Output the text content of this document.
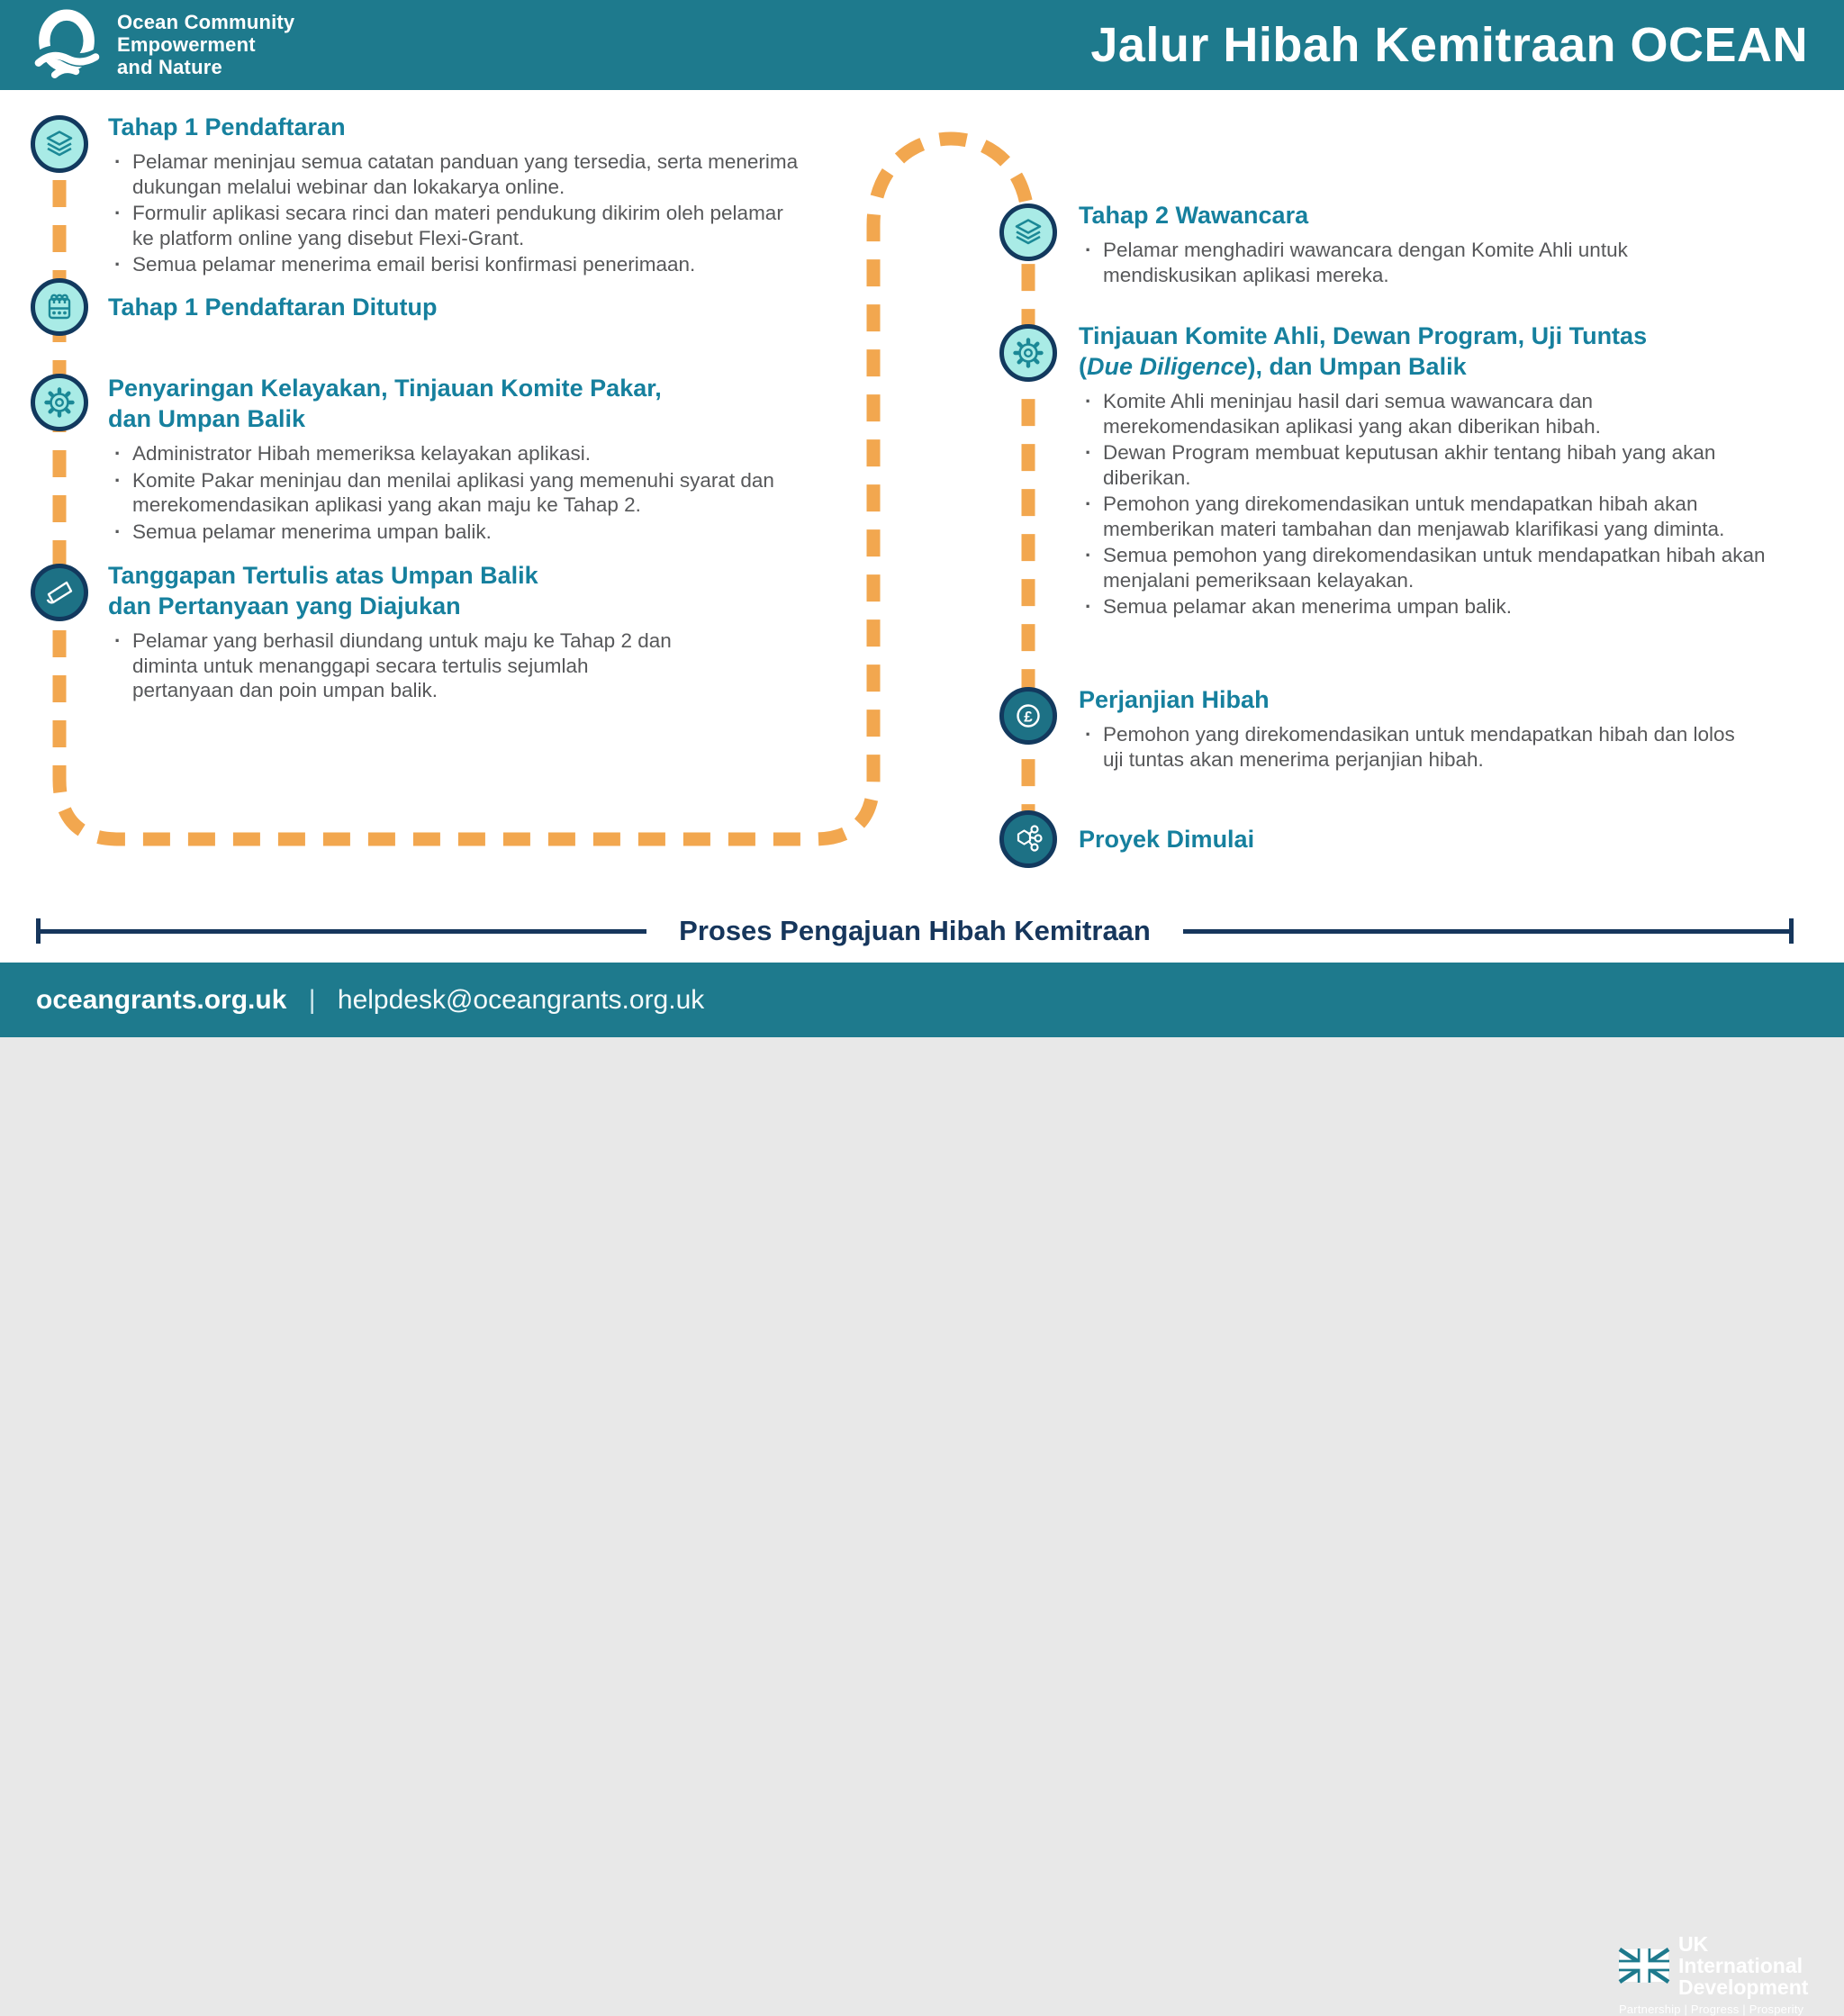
Ocean Community
Empowerment
and Nature	Jalur Hibah Kemitraan OCEAN
Tahap 1 Pendaftaran
· Pelamar meninjau semua catatan panduan yang tersedia, serta menerima dukungan melalui webinar dan lokakarya online.
· Formulir aplikasi secara rinci dan materi pendukung dikirim oleh pelamar ke platform online yang disebut Flexi-Grant.
· Semua pelamar menerima email berisi konfirmasi penerimaan.
Tahap 1 Pendaftaran Ditutup
Penyaringan Kelayakan, Tinjauan Komite Pakar,
dan Umpan Balik
· Administrator Hibah memeriksa kelayakan aplikasi.
· Komite Pakar meninjau dan menilai aplikasi yang memenuhi syarat dan merekomendasikan aplikasi yang akan maju ke Tahap 2.
· Semua pelamar menerima umpan balik.
Tanggapan Tertulis atas Umpan Balik
dan Pertanyaan yang Diajukan
· Pelamar yang berhasil diundang untuk maju ke Tahap 2 dan diminta untuk menanggapi secara tertulis sejumlah pertanyaan dan poin umpan balik.
Tahap 2 Wawancara
· Pelamar menghadiri wawancara dengan Komite Ahli untuk mendiskusikan aplikasi mereka.
Tinjauan Komite Ahli, Dewan Program, Uji Tuntas
(Due Diligence), dan Umpan Balik
· Komite Ahli meninjau hasil dari semua wawancara dan merekomendasikan aplikasi yang akan diberikan hibah.
· Dewan Program membuat keputusan akhir tentang hibah yang akan diberikan.
· Pemohon yang direkomendasikan untuk mendapatkan hibah akan memberikan materi tambahan dan menjawab klarifikasi yang diminta.
· Semua pemohon yang direkomendasikan untuk mendapatkan hibah akan menjalani pemeriksaan kelayakan.
· Semua pelamar akan menerima umpan balik.
£
Perjanjian Hibah
· Pemohon yang direkomendasikan untuk mendapatkan hibah dan lolos uji tuntas akan menerima perjanjian hibah.
Proyek Dimulai
Proses Pengajuan Hibah Kemitraan
oceangrants.org.uk | helpdesk@oceangrants.org.uk
UK International
Development
Partnership | Progress | Prosperity
